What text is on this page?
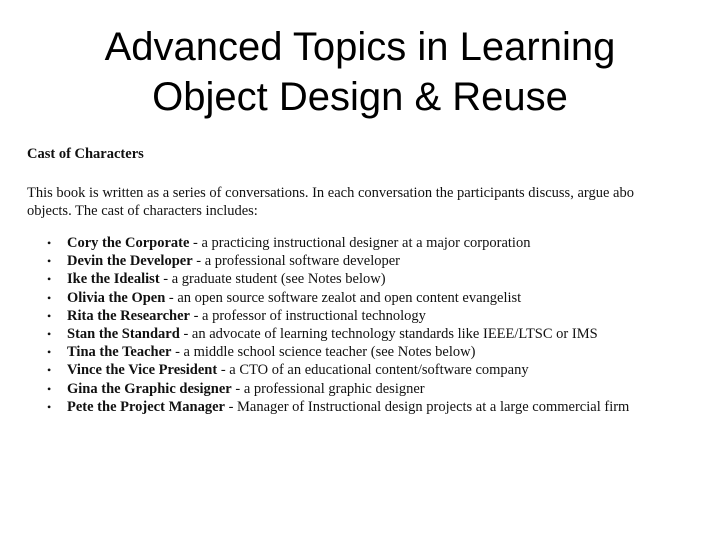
Advanced Topics in Learning
Object Design & Reuse
Cast of Characters
This book is written as a series of conversations. In each conversation the participants discuss, argue abo
objects. The cast of characters includes:
• Cory the Corporate - a practicing instructional designer at a major corporation
• Devin the Developer - a professional software developer
• Ike the Idealist - a graduate student (see Notes below)
• Olivia the Open - an open source software zealot and open content evangelist
• Rita the Researcher - a professor of instructional technology
• Stan the Standard - an advocate of learning technology standards like IEEE/LTSC or IMS
• Tina the Teacher - a middle school science teacher (see Notes below)
• Vince the Vice President - a CTO of an educational content/software company
• Gina the Graphic designer - a professional graphic designer
• Pete the Project Manager - Manager of Instructional design projects at a large commercial firm
